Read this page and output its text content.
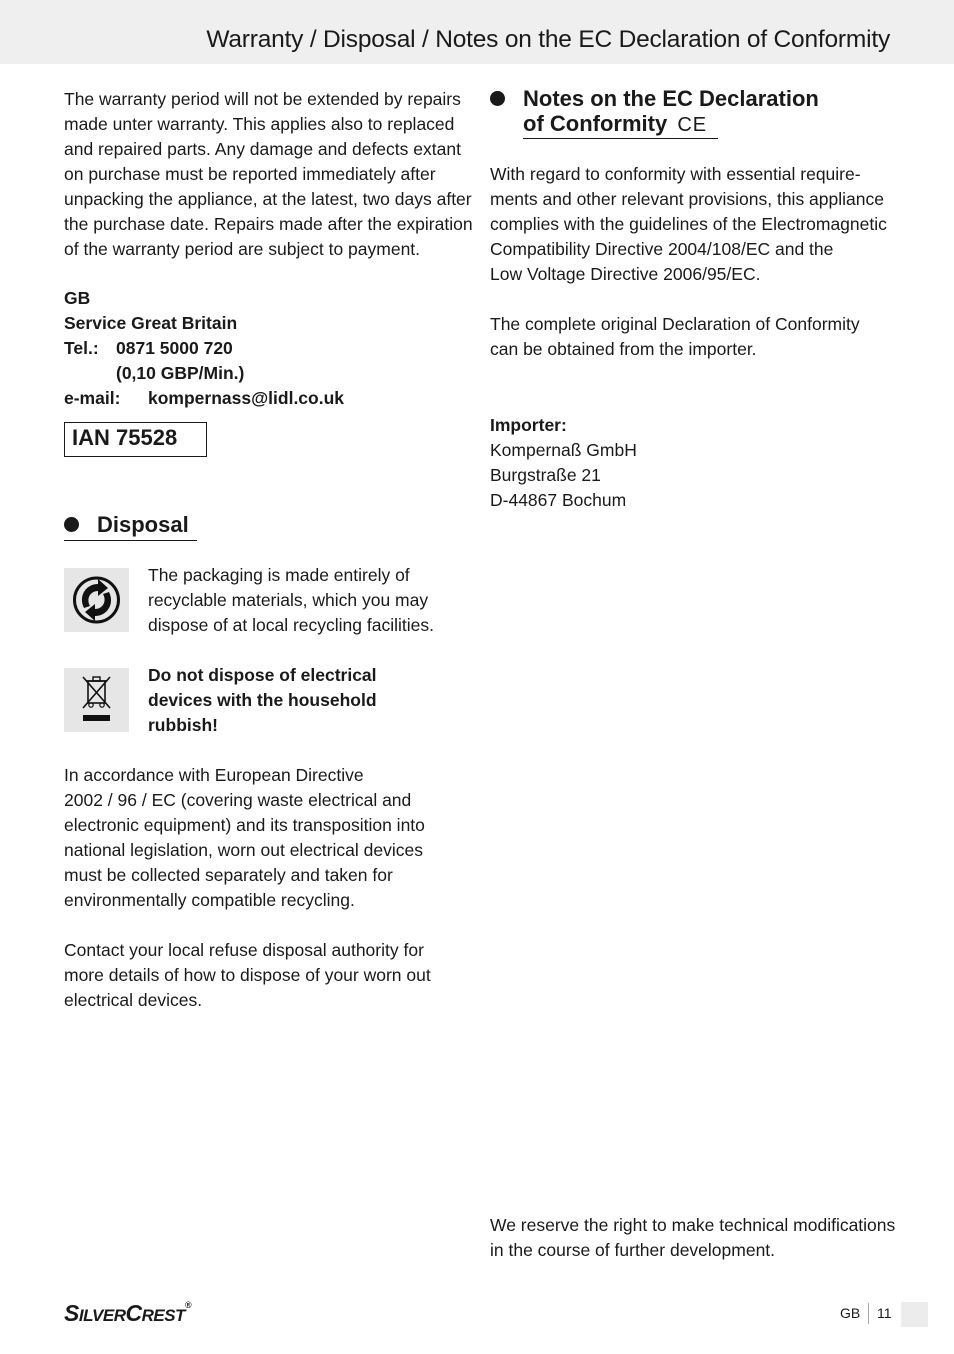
Warranty / Disposal / Notes on the EC Declaration of Conformity

The warranty period will not be extended by repairs
made unter warranty. This applies also to replaced
and repaired parts. Any damage and defects extant
on purchase must be reported immediately after
unpacking the appliance, at the latest, two days after
the purchase date. Repairs made after the expiration
of the warranty period are subject to payment.

GB
Service Great Britain
Tel.: 0871 5000 720
(0,10 GBP/Min.)
e-mail: kompernass@lidl.co.uk
IAN 75528
Disposal

The packaging is made entirely of
recyclable materials, which you may
dispose of at local recycling facilities.

Do not dispose of electrical
devices with the household
rubbish!

In accordance with European Directive
2002 / 96 / EC (covering waste electrical and
electronic equipment) and its transposition into
national legislation, worn out electrical devices
must be collected separately and taken for
environmentally compatible recycling.

Contact your local refuse disposal authority for
more details of how to dispose of your worn out
electrical devices.

Notes on the EC Declaration
of Conformity CE

With regard to conformity with essential require-
ments and other relevant provisions, this appliance
complies with the guidelines of the Electromagnetic
Compatibility Directive 2004/108/EC and the
Low Voltage Directive 2006/95/EC.

The complete original Declaration of Conformity
can be obtained from the importer.

Importer:
Kompernaß GmbH
Burgstraße 21
D-44867 Bochum

We reserve the right to make technical modifications
in the course of further development.

SILVERCREST®	GB 11
